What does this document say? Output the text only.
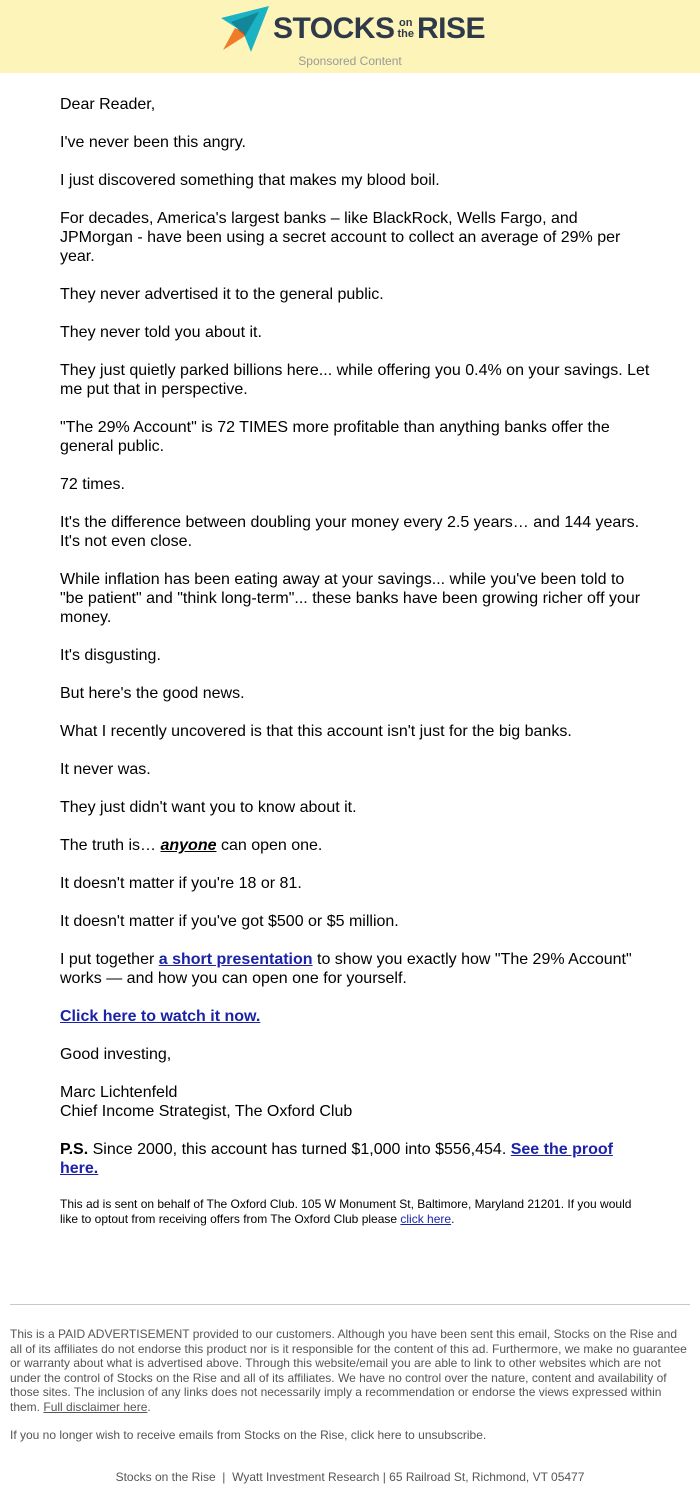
STOCKS on
the RISE
Sponsored Content

Dear Reader,

I've never been this angry.

I just discovered something that makes my blood boil.

For decades, America's largest banks – like BlackRock, Wells Fargo, and JPMorgan - have been using a secret account to collect an average of 29% per year.

They never advertised it to the general public.

They never told you about it.

They just quietly parked billions here... while offering you 0.4% on your savings. Let me put that in perspective.

"The 29% Account" is 72 TIMES more profitable than anything banks offer the general public.

72 times.

It's the difference between doubling your money every 2.5 years… and 144 years. It's not even close.

While inflation has been eating away at your savings... while you've been told to "be patient" and "think long-term"... these banks have been growing richer off your money.

It's disgusting.

But here's the good news.

What I recently uncovered is that this account isn't just for the big banks.

It never was.

They just didn't want you to know about it.

The truth is… anyone can open one.

It doesn't matter if you're 18 or 81.

It doesn't matter if you've got $500 or $5 million.

I put together a short presentation to show you exactly how "The 29% Account" works — and how you can open one for yourself.

Click here to watch it now.

Good investing,

Marc Lichtenfeld
Chief Income Strategist, The Oxford Club

P.S. Since 2000, this account has turned $1,000 into $556,454. See the proof here.

This ad is sent on behalf of The Oxford Club. 105 W Monument St, Baltimore, Maryland 21201. If you would like to optout from receiving offers from The Oxford Club please click here.

This is a PAID ADVERTISEMENT provided to our customers. Although you have been sent this email, Stocks on the Rise and all of its affiliates do not endorse this product nor is it responsible for the content of this ad. Furthermore, we make no guarantee or warranty about what is advertised above. Through this website/email you are able to link to other websites which are not under the control of Stocks on the Rise and all of its affiliates. We have no control over the nature, content and availability of those sites. The inclusion of any links does not necessarily imply a recommendation or endorse the views expressed within them. Full disclaimer here.

If you no longer wish to receive emails from Stocks on the Rise, click here to unsubscribe.

Stocks on the Rise  |  Wyatt Investment Research | 65 Railroad St, Richmond, VT 05477
